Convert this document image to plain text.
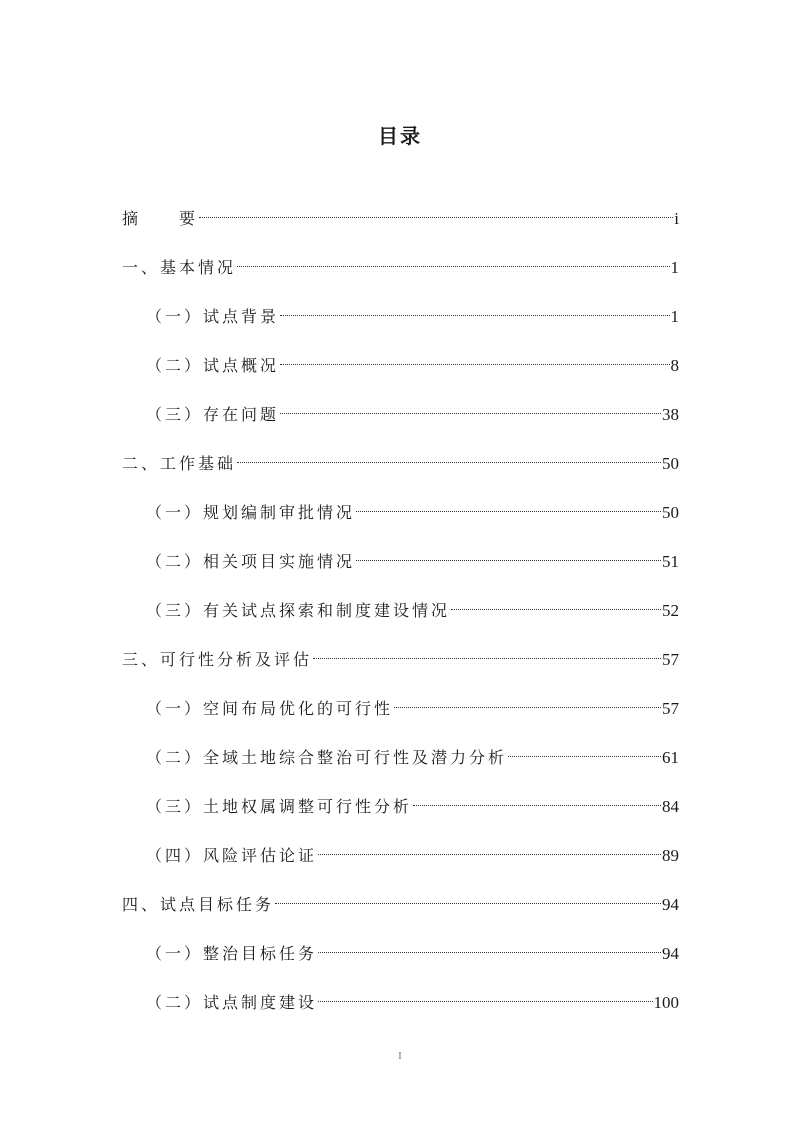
目录
摘　　要	i
一、基本情况	1
（一）试点背景	1
（二）试点概况	8
（三）存在问题	38
二、工作基础	50
（一）规划编制审批情况	50
（二）相关项目实施情况	51
（三）有关试点探索和制度建设情况	52
三、可行性分析及评估	57
（一）空间布局优化的可行性	57
（二）全域土地综合整治可行性及潜力分析	61
（三）土地权属调整可行性分析	84
（四）风险评估论证	89
四、试点目标任务	94
（一）整治目标任务	94
（二）试点制度建设	100
I
